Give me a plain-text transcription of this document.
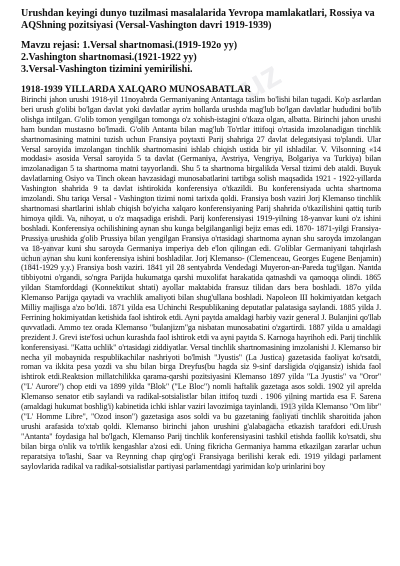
Urushdan keyingi dunyo tuzilmasi masalalarida Yevropa mamlakatlari, Rossiya va AQShning pozitsiyasi (Versal-Vashington davri 1919-1939)
Mavzu rejasi: 1.Versal shartnomasi.(1919-192o yy)
2.Vashington shartnomasi.(1921-1922 yy)
3.Versal-Vashington tizimini yemirilishi.
1918-1939 YILLARDA XALQARO MUNOSABATLAR

Birinchi jahon urushi 1918-yil 11noyabrda Germaniyaning Antantaga taslim bo'lishi bilan tugadi. Ko'p asrlardan beri urush g'olibi bo'lgan davlat yoki davlatlar ayrim hollarda urushda mag'lub bo'lgan davlatlar hududini bo'lib olishga intilgan. G'olib tomon yengilgan tomonga o'z xohish-istagini o'tkaza olgan, albatta. Birinchi jahon urushi ham bundan mustasno bo'lmadi. G'olib Antanta bilan mag'lub To'rtlar ittifoqi o'rtasida imzolanadigan tinchlik shartnomasining matnini tuzish uchun Fransiya poytaxti Parij shahriga 27 davlat delegatsiyasi to'plandi. Ular Versal saroyida imzolangan tinchlik shartnomasini ishlab chiqish ustida bir yil ishladilar. V. Vilsonning «14 moddasi» asosida Versal saroyida 5 ta davlat (Germaniya, Avstriya, Vengriya, Bolgariya va Turkiya) bilan imzolanadigan 5 ta shartnoma matni tayyorlandi. Shu 5 ta shartnoma birgalikda Versal tizimi deb ataldi. Buyuk davlatlarning Osiyo va Tinch okean havzasidagi munosabatlarini tartibga solish maqsadida 1921 - 1922-yillarda Vashington shahrida 9 ta davlat ishtirokida konferensiya o'tkazildi. Bu konferensiyada uchta shartnoma imzolandi. Shu tariqa Versal - Vashington tizimi nomi tarixda qoldi. Fransiya bosh vaziri Jorj Klemanso tinchlik shartnomasi shartlarini ishlab chiqish bo'yicha xalqaro konferensiyaning Parij shahrida o'tkazilishini qattiq turib himoya qildi. Va, nihoyat, u o'z maqsadiga erishdi. Parij konferensiyasi 1919-yilning 18-yanvar kuni o'z ishini boshladi. Konferensiya ochilishining aynan shu kunga belgilanganligi bejiz emas edi. 1870- 1871-yilgi Fransiya-Prussiya urushida g'olib Prussiya bilan yengilgan Fransiya o'rtasidagi shartnoma aynan shu saroyda imzolangan va 18-yanvar kuni shu saroyda Germaniya imperiya deb e'lon qilingan edi. G'oliblar Germaniyani tahqirlash uchun aynan shu kuni konferensiya ishini boshladilar. Jorj Klemanso- (Clemenceau, Georges Eugene Benjamin)(1841-1929 y.y.) Fransiya bosh vaziri. 1841 yil 28 sentyabrda Vendedagi Muyeron-an-Pareda tug'ilgan. Nantda tibbiyotni o'rgandi, so'ngra Parijda hukumatga qarshi muxolifat harakatida qatnashdi va qamoqqa olindi. 1865 yildan Stamforddagi (Konnektikut shtati) ayollar maktabida fransuz tilidan dars bera boshladi. 187o yilda Klemanso Parijga qaytadi va vrachlik amaliyoti bilan shug'ullana boshladi. Napoleon III hokimiyatdan ketgach Milliy majlisga a'zo bo'ldi. 1871 yilda esa Uchinchi Respublikaning deputatlar palatasiga saylandi. 1885 yilda J. Ferrining hokimiyatdan ketishida faol ishtirok etdi. Ayni paytda amaldagi harbiy vazir general J. Bulanjini qo'llab quvvatladi. Ammo tez orada Klemanso "bulanjizm"ga nisbatan munosabatini o'zgartirdi. 1887 yilda u amaldagi prezident J. Grevi iste'fosi uchun kurashda faol ishtirok etdi va ayni paytda S. Karnoga hayrihoh edi. Parij tinchlik konferensiyasi. "Katta uchlik" o'rtasidagi ziddiyatlar. Versal tinchlik shartnomasining imzolanishi J. Klemanso bir necha yil mobaynida respublikachilar nashriyoti bo'lmish "Jyustis" (La Justica) gazetasida faoliyat ko'rsatdi, roman va ikkita pesa yozdi va shu bilan birga Dreyfus(bu hagda siz 9-sinf darsligida o'qigansiz) ishida faol ishtirok etdi.Reaktsion millatchilikka qarama-qarshi pozitsiyasini Klemanso 1897 yilda "La Jyustis" va "Oror" ("L' Aurore") chop etdi va 1899 yilda "Blok" ("Le Bloc") nomli haftalik gazetaga asos soldi. 1902 yil aprelda Klemanso senator etib saylandi va radikal-sotsialistlar bilan ittifoq tuzdi . 1906 yilning martida esa F. Sarena (amaldagi hukumat boshlig'i) kabinetida ichki ishlar vaziri lavozimiga tayinlandi. 1913 yilda Klemanso "Om libr" ("L' Homme Libre", "Ozod inson") gazetasiga asos soldi va bu gazetaning faoliyati tinchlik sharoitida jahon urushi arafasida to'xtab qoldi. Klemanso birinchi jahon urushini g'alabagacha etkazish tarafdori edi.Urush "Antanta" foydasiga hal bo'lgach, Klemanso Parij tinchlik konferensiyasini tashkil etishda faollik ko'rsatdi, shu bilan birga o'nlik va to'rtlik kengashlar a'zosi edi. Uning fikricha Germaniya hamma etkazilgan zararlar uchun reparatsiya to'lashi, Saar va Reynning chap qirg'og'i Fransiyaga berilishi kerak edi. 1919 yildagi parlament saylovlarida radikal va radikal-sotsialistlar partiyasi parlamentdagi yarimidan ko'p urinlarini boy

uz
uz
uz
